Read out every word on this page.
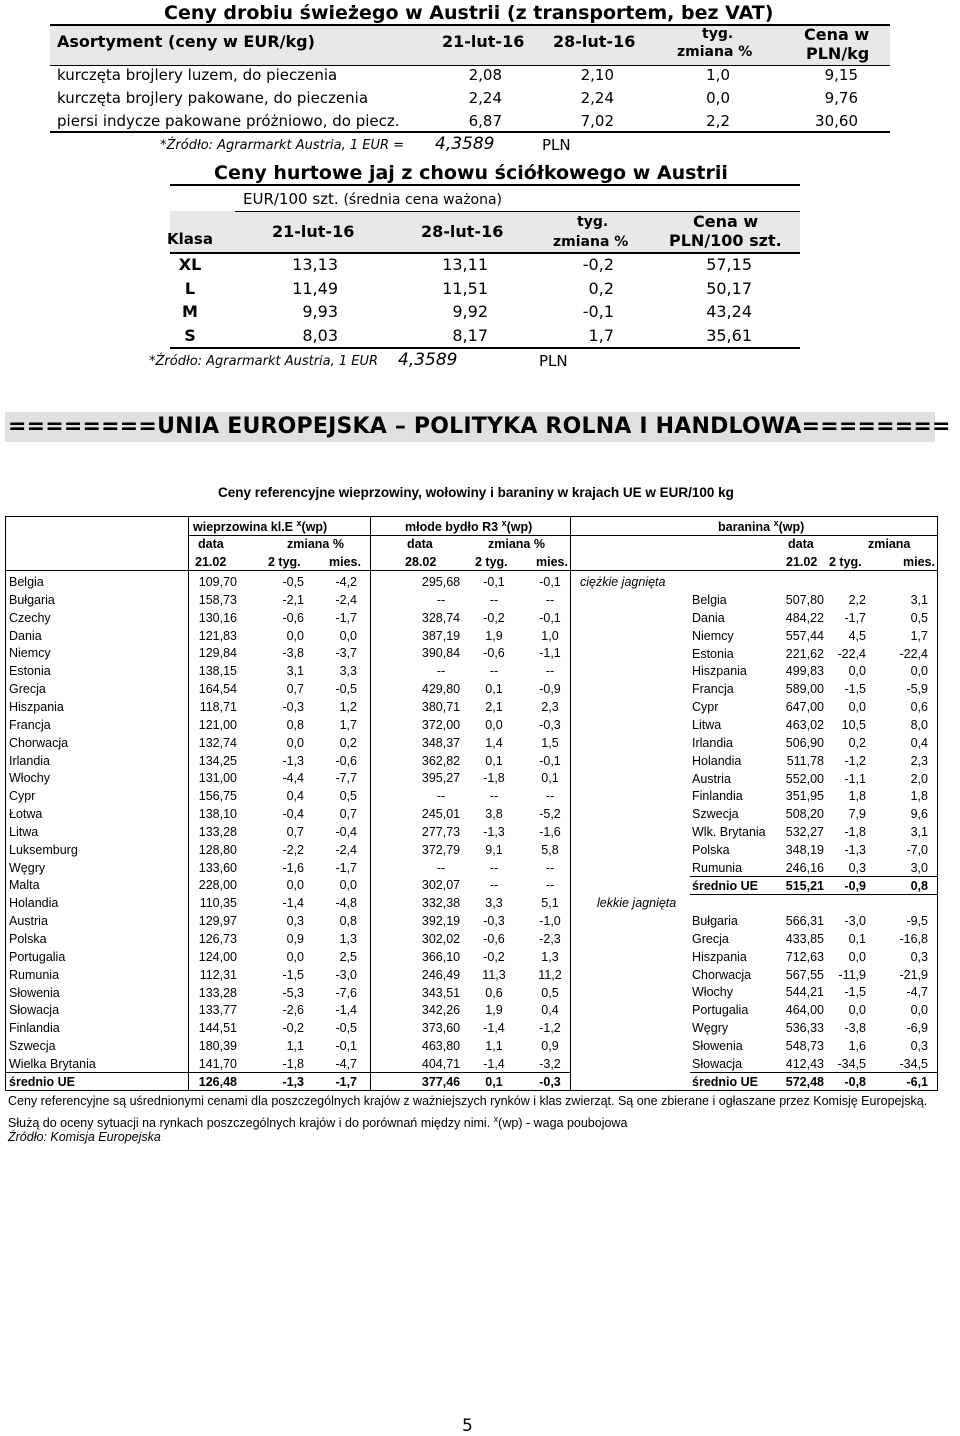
Ceny drobiu świeżego w Austrii (z transportem, bez VAT)
Asortyment (ceny w EUR/kg)	21-lut-16 28-lut-16	tyg.
zmiana %
Cena w
PLN/kg
kurczęta brojlery luzem, do pieczenia	2,08	2,10	1,0	9,15
kurczęta brojlery pakowane, do pieczenia	2,24	2,24	0,0	9,76
piersi indycze pakowane próżniowo, do piecz.	6,87	7,02	2,2	30,60
*Źródło: Agrarmarkt Austria, 1 EUR = 4,3589	PLN
Ceny hurtowe jaj z chowu ściółkowego w Austrii
EUR/100 szt. (średnia cena ważona)
Klasa	21-lut-16	28-lut-16	tyg.
zmiana %
Cena w
PLN/100 szt.
XL	13,13	13,11	-0,2	57,15
L	11,49	11,51	0,2	50,17
M	9,93	9,92	-0,1	43,24
S	8,03	8,17	1,7	35,61
*Źródło: Agrarmarkt Austria, 1 EUR 4,3589	PLN
========UNIA EUROPEJSKA – POLITYKA ROLNA I HANDLOWA========
Ceny referencyjne wieprzowiny, wołowiny i baraniny w krajach UE w EUR/100 kg
wieprzowina kl.E $^x$(wp)	młode bydło R3 $^x$(wp)	baranina $^x$(wp)
data	zmiana %	data	zmiana %	data	zmiana
21.02	2 tyg. mies.	28.02	2 tyg. mies.	21.02 2 tyg.	mies.
Belgia	109,70	-0,5	-4,2	295,68	-0,1	-0,1
Bułgaria	158,73	-2,1	-2,4	--	--	--
Czechy	130,16	-0,6	-1,7	328,74	-0,2	-0,1
Dania	121,83	0,0	0,0	387,19	1,9	1,0
Niemcy	129,84	-3,8	-3,7	390,84	-0,6	-1,1
Estonia	138,15	3,1	3,3	--	--	--
Grecja	164,54	0,7	-0,5	429,80	0,1	-0,9
Hiszpania	118,71	-0,3	1,2	380,71	2,1	2,3
Francja	121,00	0,8	1,7	372,00	0,0	-0,3
Chorwacja	132,74	0,0	0,2	348,37	1,4	1,5
Irlandia	134,25	-1,3	-0,6	362,82	0,1	-0,1
Włochy	131,00	-4,4	-7,7	395,27	-1,8	0,1
Cypr	156,75	0,4	0,5	--	--	--
Łotwa	138,10	-0,4	0,7	245,01	3,8	-5,2
Litwa	133,28	0,7	-0,4	277,73	-1,3	-1,6
Luksemburg	128,80	-2,2	-2,4	372,79	9,1	5,8
Węgry	133,60	-1,6	-1,7	--	--	--
Malta	228,00	0,0	0,0	302,07	--	--
Holandia	110,35	-1,4	-4,8	332,38	3,3	5,1
Austria	129,97	0,3	0,8	392,19	-0,3	-1,0
Polska	126,73	0,9	1,3	302,02	-0,6	-2,3
Portugalia	124,00	0,0	2,5	366,10	-0,2	1,3
Rumunia	112,31	-1,5	-3,0	246,49	11,3	11,2
Słowenia	133,28	-5,3	-7,6	343,51	0,6	0,5
Słowacja	133,77	-2,6	-1,4	342,26	1,9	0,4
Finlandia	144,51	-0,2	-0,5	373,60	-1,4	-1,2
Szwecja	180,39	1,1	-0,1	463,80	1,1	0,9
Wielka Brytania	141,70	-1,8	-4,7	404,71	-1,4	-3,2
średnio UE	126,48	-1,3	-1,7	377,46	0,1	-0,3
Belgia	507,80	2,2	3,1
Dania	484,22	-1,7	0,5
Niemcy	557,44	4,5	1,7
Estonia	221,62	-22,4	-22,4
Hiszpania	499,83	0,0	0,0
Francja	589,00	-1,5	-5,9
Cypr	647,00	0,0	0,6
Litwa	463,02	10,5	8,0
Irlandia	506,90	0,2	0,4
Holandia	511,78	-1,2	2,3
Austria	552,00	-1,1	2,0
Finlandia	351,95	1,8	1,8
Szwecja	508,20	7,9	9,6
Wlk. Brytania	532,27	-1,8	3,1
Polska	348,19	-1,3	-7,0
Rumunia	246,16	0,3	3,0
średnio UE	515,21	-0,9	0,8
Bułgaria	566,31	-3,0	-9,5
Grecja	433,85	0,1	-16,8
Hiszpania	712,63	0,0	0,3
Chorwacja	567,55	-11,9	-21,9
Włochy	544,21	-1,5	-4,7
Portugalia	464,00	0,0	0,0
Węgry	536,33	-3,8	-6,9
Słowenia	548,73	1,6	0,3
Słowacja	412,43	-34,5	-34,5
średnio UE	572,48	-0,8	-6,1
ciężkie jagnięta
lekkie jagnięta
Ceny referencyjne są uśrednionymi cenami dla poszczególnych krajów z ważniejszych rynków i klas zwierząt. Są one zbierane i ogłaszane przez Komisję Europejską.
Służą do oceny sytuacji na rynkach poszczególnych krajów i do porównań między nimi. $^x$(wp) - waga poubojowa
Źródło: Komisja Europejska
5
